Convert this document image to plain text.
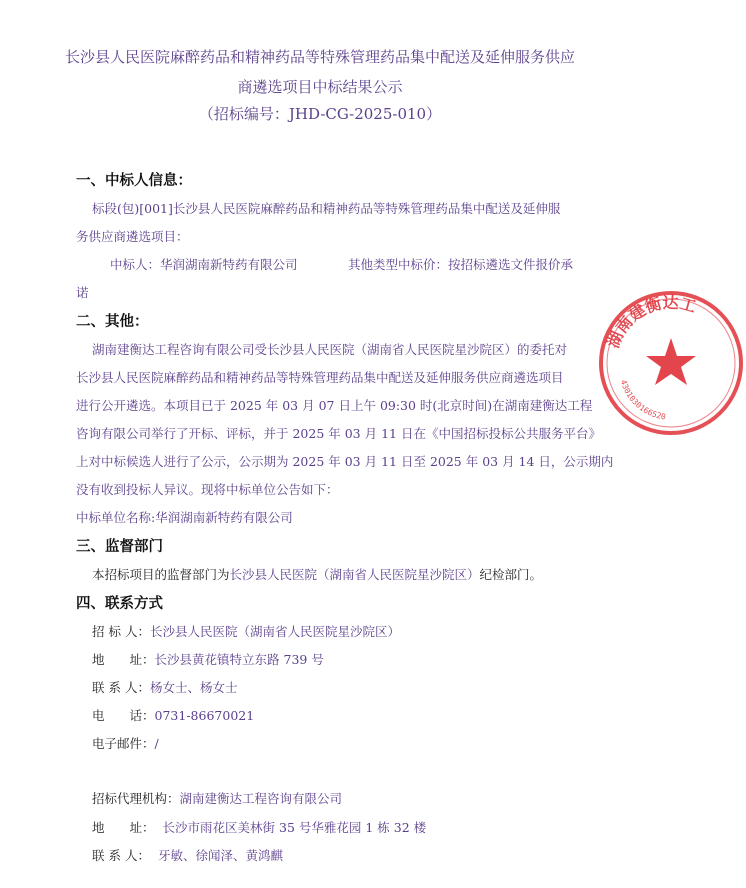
长沙县人民医院麻醉药品和精神药品等特殊管理药品集中配送及延伸服务供应
商遴选项目中标结果公示
（招标编号：JHD-CG-2025-010）
一、中标人信息：
标段(包)[001]长沙县人民医院麻醉药品和精神药品等特殊管理药品集中配送及延伸服
务供应商遴选项目：
中标人：华润湖南新特药有限公司	其他类型中标价：按招标遴选文件报价承
诺
二、其他：
湖南建衡达工程咨询有限公司受长沙县人民医院（湖南省人民医院星沙院区）的委托对
长沙县人民医院麻醉药品和精神药品等特殊管理药品集中配送及延伸服务供应商遴选项目
进行公开遴选。本项目已于 2025 年 03 月 07 日上午 09:30 时(北京时间)在湖南建衡达工程
咨询有限公司举行了开标、评标，并于 2025 年 03 月 11 日在《中国招标投标公共服务平台》
上对中标候选人进行了公示，公示期为 2025 年 03 月 11 日至 2025 年 03 月 14 日，公示期内
没有收到投标人异议。现将中标单位公告如下：
中标单位名称:华润湖南新特药有限公司
三、监督部门
本招标项目的监督部门为长沙县人民医院（湖南省人民医院星沙院区）纪检部门。
四、联系方式
招 标 人：长沙县人民医院（湖南省人民医院星沙院区）
地　　址：长沙县黄花镇特立东路 739 号
联 系 人：杨女士、杨女士
电　　话：0731-86670021
电子邮件：/
招标代理机构：湖南建衡达工程咨询有限公司
地　　址： 长沙市雨花区美林街 35 号华雅花园 1 栋 32 楼
联 系 人： 牙敏、徐闻泽、黄鸿麒
湖南建衡达工
4301030166520
